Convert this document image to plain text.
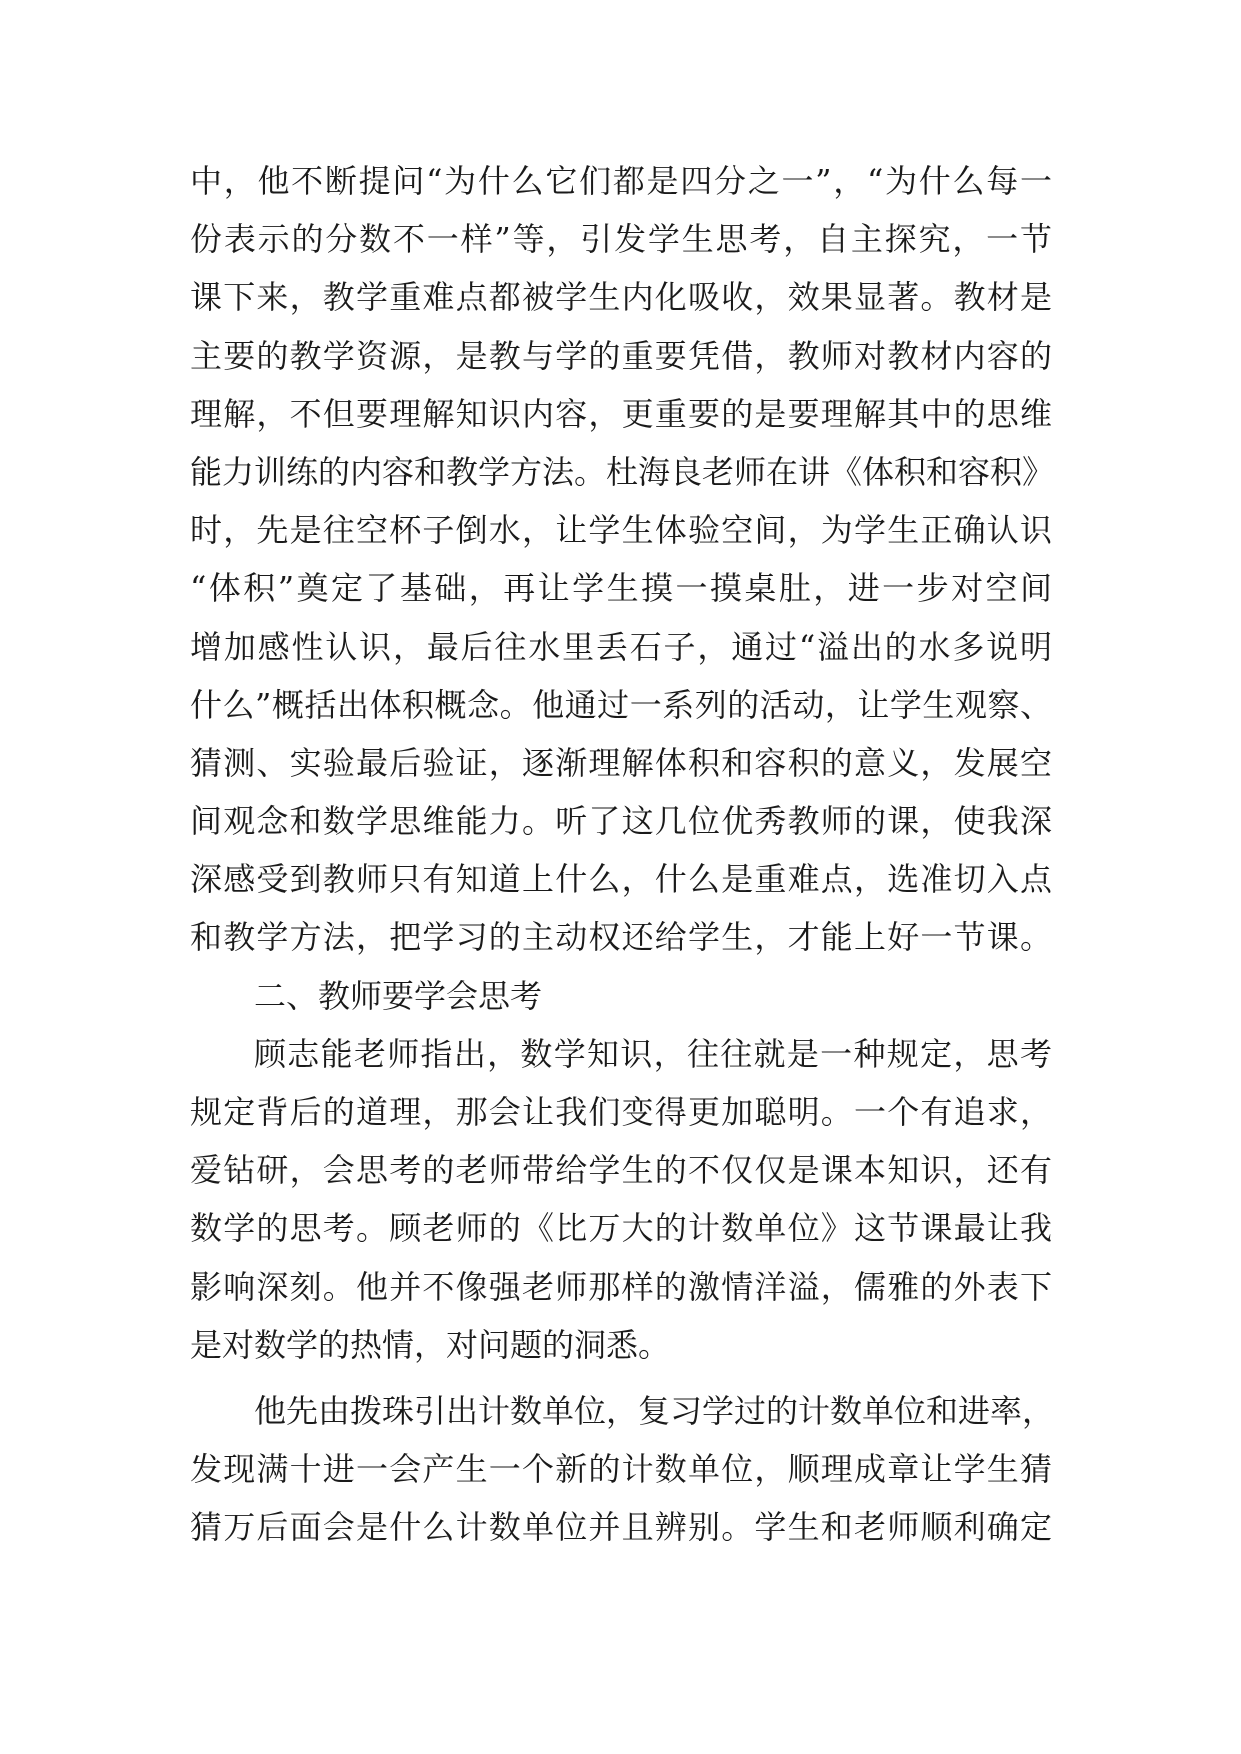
中，他不断提问“为什么它们都是四分之一”，“为什么每一
份表示的分数不一样”等，引发学生思考，自主探究，一节
课下来，教学重难点都被学生内化吸收，效果显著。教材是
主要的教学资源，是教与学的重要凭借，教师对教材内容的
理解，不但要理解知识内容，更重要的是要理解其中的思维
能力训练的内容和教学方法。杜海良老师在讲《体积和容积》
时，先是往空杯子倒水，让学生体验空间，为学生正确认识
“体积”奠定了基础，再让学生摸一摸桌肚，进一步对空间
增加感性认识，最后往水里丢石子，通过“溢出的水多说明
什么”概括出体积概念。他通过一系列的活动，让学生观察、
猜测、实验最后验证，逐渐理解体积和容积的意义，发展空
间观念和数学思维能力。听了这几位优秀教师的课，使我深
深感受到教师只有知道上什么，什么是重难点，选准切入点
和教学方法，把学习的主动权还给学生，才能上好一节课。
二、教师要学会思考
顾志能老师指出，数学知识，往往就是一种规定，思考
规定背后的道理，那会让我们变得更加聪明。一个有追求，
爱钻研，会思考的老师带给学生的不仅仅是课本知识，还有
数学的思考。顾老师的《比万大的计数单位》这节课最让我
影响深刻。他并不像强老师那样的激情洋溢，儒雅的外表下
是对数学的热情，对问题的洞悉。
他先由拨珠引出计数单位，复习学过的计数单位和进率，
发现满十进一会产生一个新的计数单位，顺理成章让学生猜
猜万后面会是什么计数单位并且辨别。学生和老师顺利确定
